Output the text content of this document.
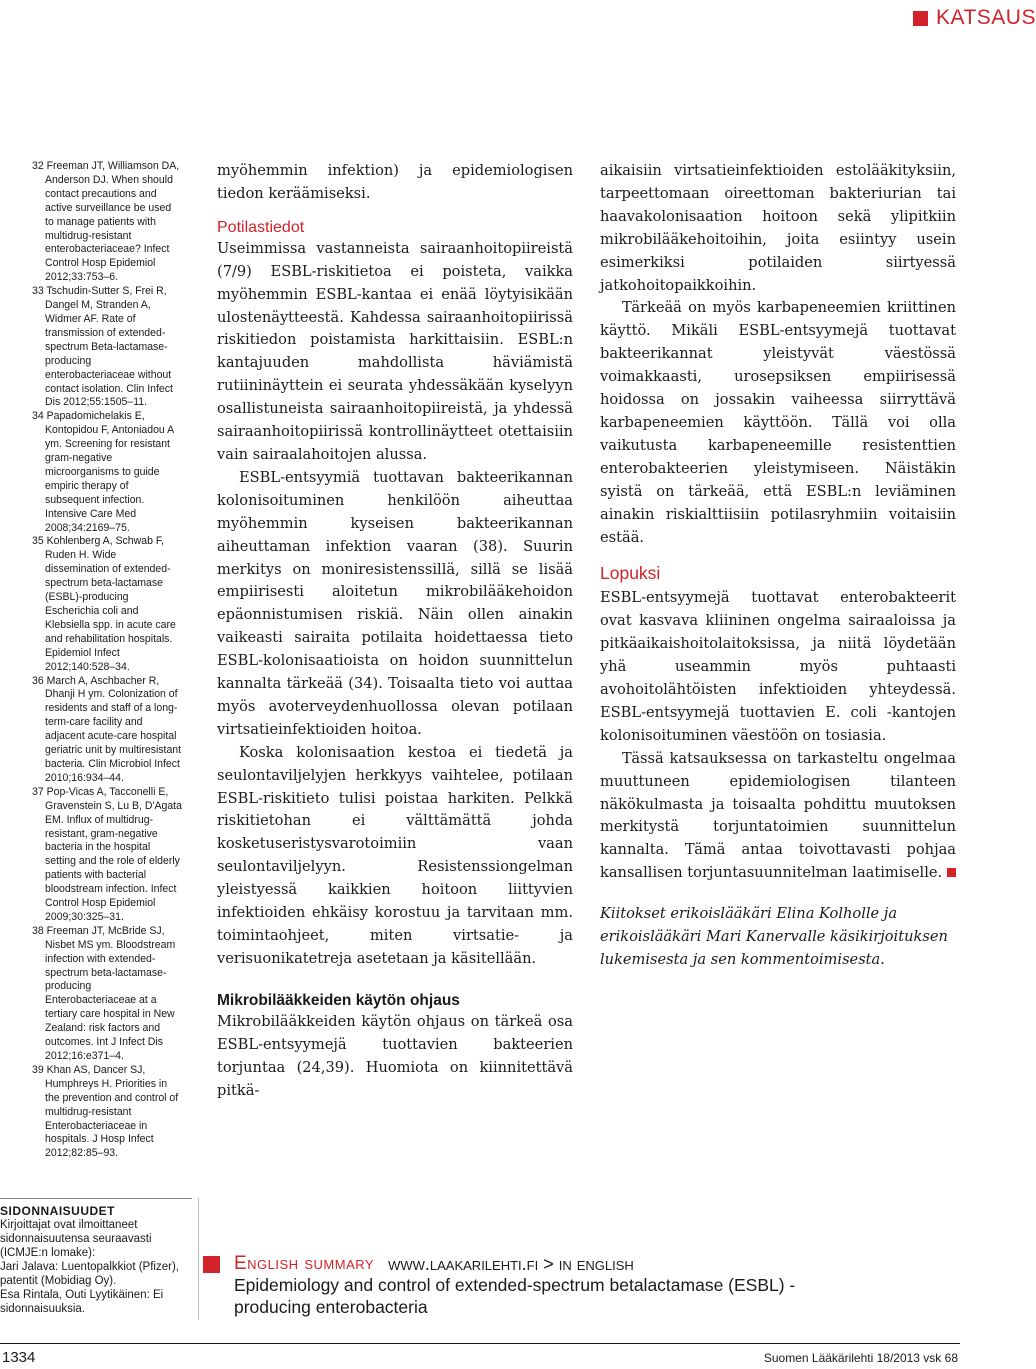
KATSAUS

32 Freeman JT, Williamson DA, Anderson DJ. When should contact precautions and active surveillance be used to manage patients with multidrug-resistant enterobacteriaceae? Infect Control Hosp Epidemiol 2012;33:753–6.

33 Tschudin-Sutter S, Frei R, Dangel M, Stranden A, Widmer AF. Rate of transmission of extended-spectrum Beta-lactamase-producing enterobacteriaceae without contact isolation. Clin Infect Dis 2012;55:1505–11.

34 Papadomichelakis E, Kontopidou F, Antoniadou A ym. Screening for resistant gram-negative microorganisms to guide empiric therapy of subsequent infection. Intensive Care Med 2008;34:2169–75.

35 Kohlenberg A, Schwab F, Ruden H. Wide dissemination of extended-spectrum beta-lactamase (ESBL)-producing Escherichia coli and Klebsiella spp. in acute care and rehabilitation hospitals. Epidemiol Infect 2012;140:528–34.

36 March A, Aschbacher R, Dhanji H ym. Colonization of residents and staff of a long-term-care facility and adjacent acute-care hospital geriatric unit by multiresistant bacteria. Clin Microbiol Infect 2010;16:934–44.

37 Pop-Vicas A, Tacconelli E, Gravenstein S, Lu B, D'Agata EM. Influx of multidrug-resistant, gram-negative bacteria in the hospital setting and the role of elderly patients with bacterial bloodstream infection. Infect Control Hosp Epidemiol 2009;30:325–31.

38 Freeman JT, McBride SJ, Nisbet MS ym. Bloodstream infection with extended-spectrum beta-lactamase-producing Enterobacteriaceae at a tertiary care hospital in New Zealand: risk factors and outcomes. Int J Infect Dis 2012;16:e371–4.

39 Khan AS, Dancer SJ, Humphreys H. Priorities in the prevention and control of multidrug-resistant Enterobacteriaceae in hospitals. J Hosp Infect 2012;82:85–93.

myöhemmin infektion) ja epidemiologisen tiedon keräämiseksi.

Potilastiedot

Useimmissa vastanneista sairaanhoitopiireistä (7/9) ESBL-riskitietoa ei poisteta, vaikka myöhemmin ESBL-kantaa ei enää löytyisikään ulostenäytteestä. Kahdessa sairaanhoitopiirissä riskitiedon poistamista harkittaisiin. ESBL:n kantajuuden mahdollista häviämistä rutiininäyttein ei seurata yhdessäkään kyselyyn osallistuneista sairaanhoitopiireistä, ja yhdessä sairaanhoitopiirissä kontrollinäytteet otettaisiin vain sairaalahoitojen alussa.

ESBL-entsyymiä tuottavan bakteerikannan kolonisoituminen henkilöön aiheuttaa myöhemmin kyseisen bakteerikannan aiheuttaman infektion vaaran (38). Suurin merkitys on moniresistenssillä, sillä se lisää empiirisesti aloitetun mikrobilääkehoidon epäonnistumisen riskiä. Näin ollen ainakin vaikeasti sairaita potilaita hoidettaessa tieto ESBL-kolonisaatioista on hoidon suunnittelun kannalta tärkeää (34). Toisaalta tieto voi auttaa myös avoterveydenhuollossa olevan potilaan virtsatieinfektioiden hoitoa.

Koska kolonisaation kestoa ei tiedetä ja seulontaviljelyjen herkkyys vaihtelee, potilaan ESBL-riskitieto tulisi poistaa harkiten. Pelkkä riskitietohan ei välttämättä johda kosketuseristysvarotoimiin vaan seulontaviljelyyn. Resistenssiongelman yleistyessä kaikkien hoitoon liittyvien infektioiden ehkäisy korostuu ja tarvitaan mm. toimintaohjeet, miten virtsatie- ja verisuonikatetreja asetetaan ja käsitellään.

Mikrobilääkkeiden käytön ohjaus

Mikrobilääkkeiden käytön ohjaus on tärkeä osa ESBL-entsyymejä tuottavien bakteerien torjuntaa (24,39). Huomiota on kiinnitettävä pitkä-

aikaisiin virtsatieinfektioiden estolääkityksiin, tarpeettomaan oireettoman bakteriurian tai haavakolonisaation hoitoon sekä ylipitkiin mikrobilääkehoitoihin, joita esiintyy usein esimerkiksi potilaiden siirtyessä jatkohoitopaikkoihin.

Tärkeää on myös karbapeneemien kriittinen käyttö. Mikäli ESBL-entsyymejä tuottavat bakteerikannat yleistyvät väestössä voimakkaasti, urosepsiksen empiirisessä hoidossa on jossakin vaiheessa siirryttävä karbapeneemien käyttöön. Tällä voi olla vaikutusta karbapeneemille resistenttien enterobakteerien yleistymiseen. Näistäkin syistä on tärkeää, että ESBL:n leviäminen ainakin riskialttiisiin potilasryhmiin voitaisiin estää.

Lopuksi

ESBL-entsyymejä tuottavat enterobakteerit ovat kasvava kliininen ongelma sairaaloissa ja pitkäaikaishoitolaitoksissa, ja niitä löydetään yhä useammin myös puhtaasti avohoitolähtöisten infektioiden yhteydessä. ESBL-entsyymejä tuottavien E. coli -kantojen kolonisoituminen väestöön on tosiasia.

Tässä katsauksessa on tarkasteltu ongelmaa muuttuneen epidemiologisen tilanteen näkökulmasta ja toisaalta pohdittu muutoksen merkitystä torjuntatoimien suunnittelun kannalta. Tämä antaa toivottavasti pohjaa kansallisen torjuntasuunnitelman laatimiselle.

Kiitokset erikoislääkäri Elina Kolholle ja erikoislääkäri Mari Kanervalle käsikirjoituksen lukemisesta ja sen kommentoimisesta.

SIDONNAISUUDET
Kirjoittajat ovat ilmoittaneet sidonnaisuutensa seuraavasti (ICMJE:n lomake):
Jari Jalava: Luentopalkkiot (Pfizer), patentit (Mobidiag Oy).
Esa Rintala, Outi Lyytikäinen: Ei sidonnaisuuksia.
English summary www.laakarilehti.fi > in english
Epidemiology and control of extended-spectrum betalactamase (ESBL) -producing enterobacteria
1334	Suomen Lääkärilehti 18/2013 vsk 68
